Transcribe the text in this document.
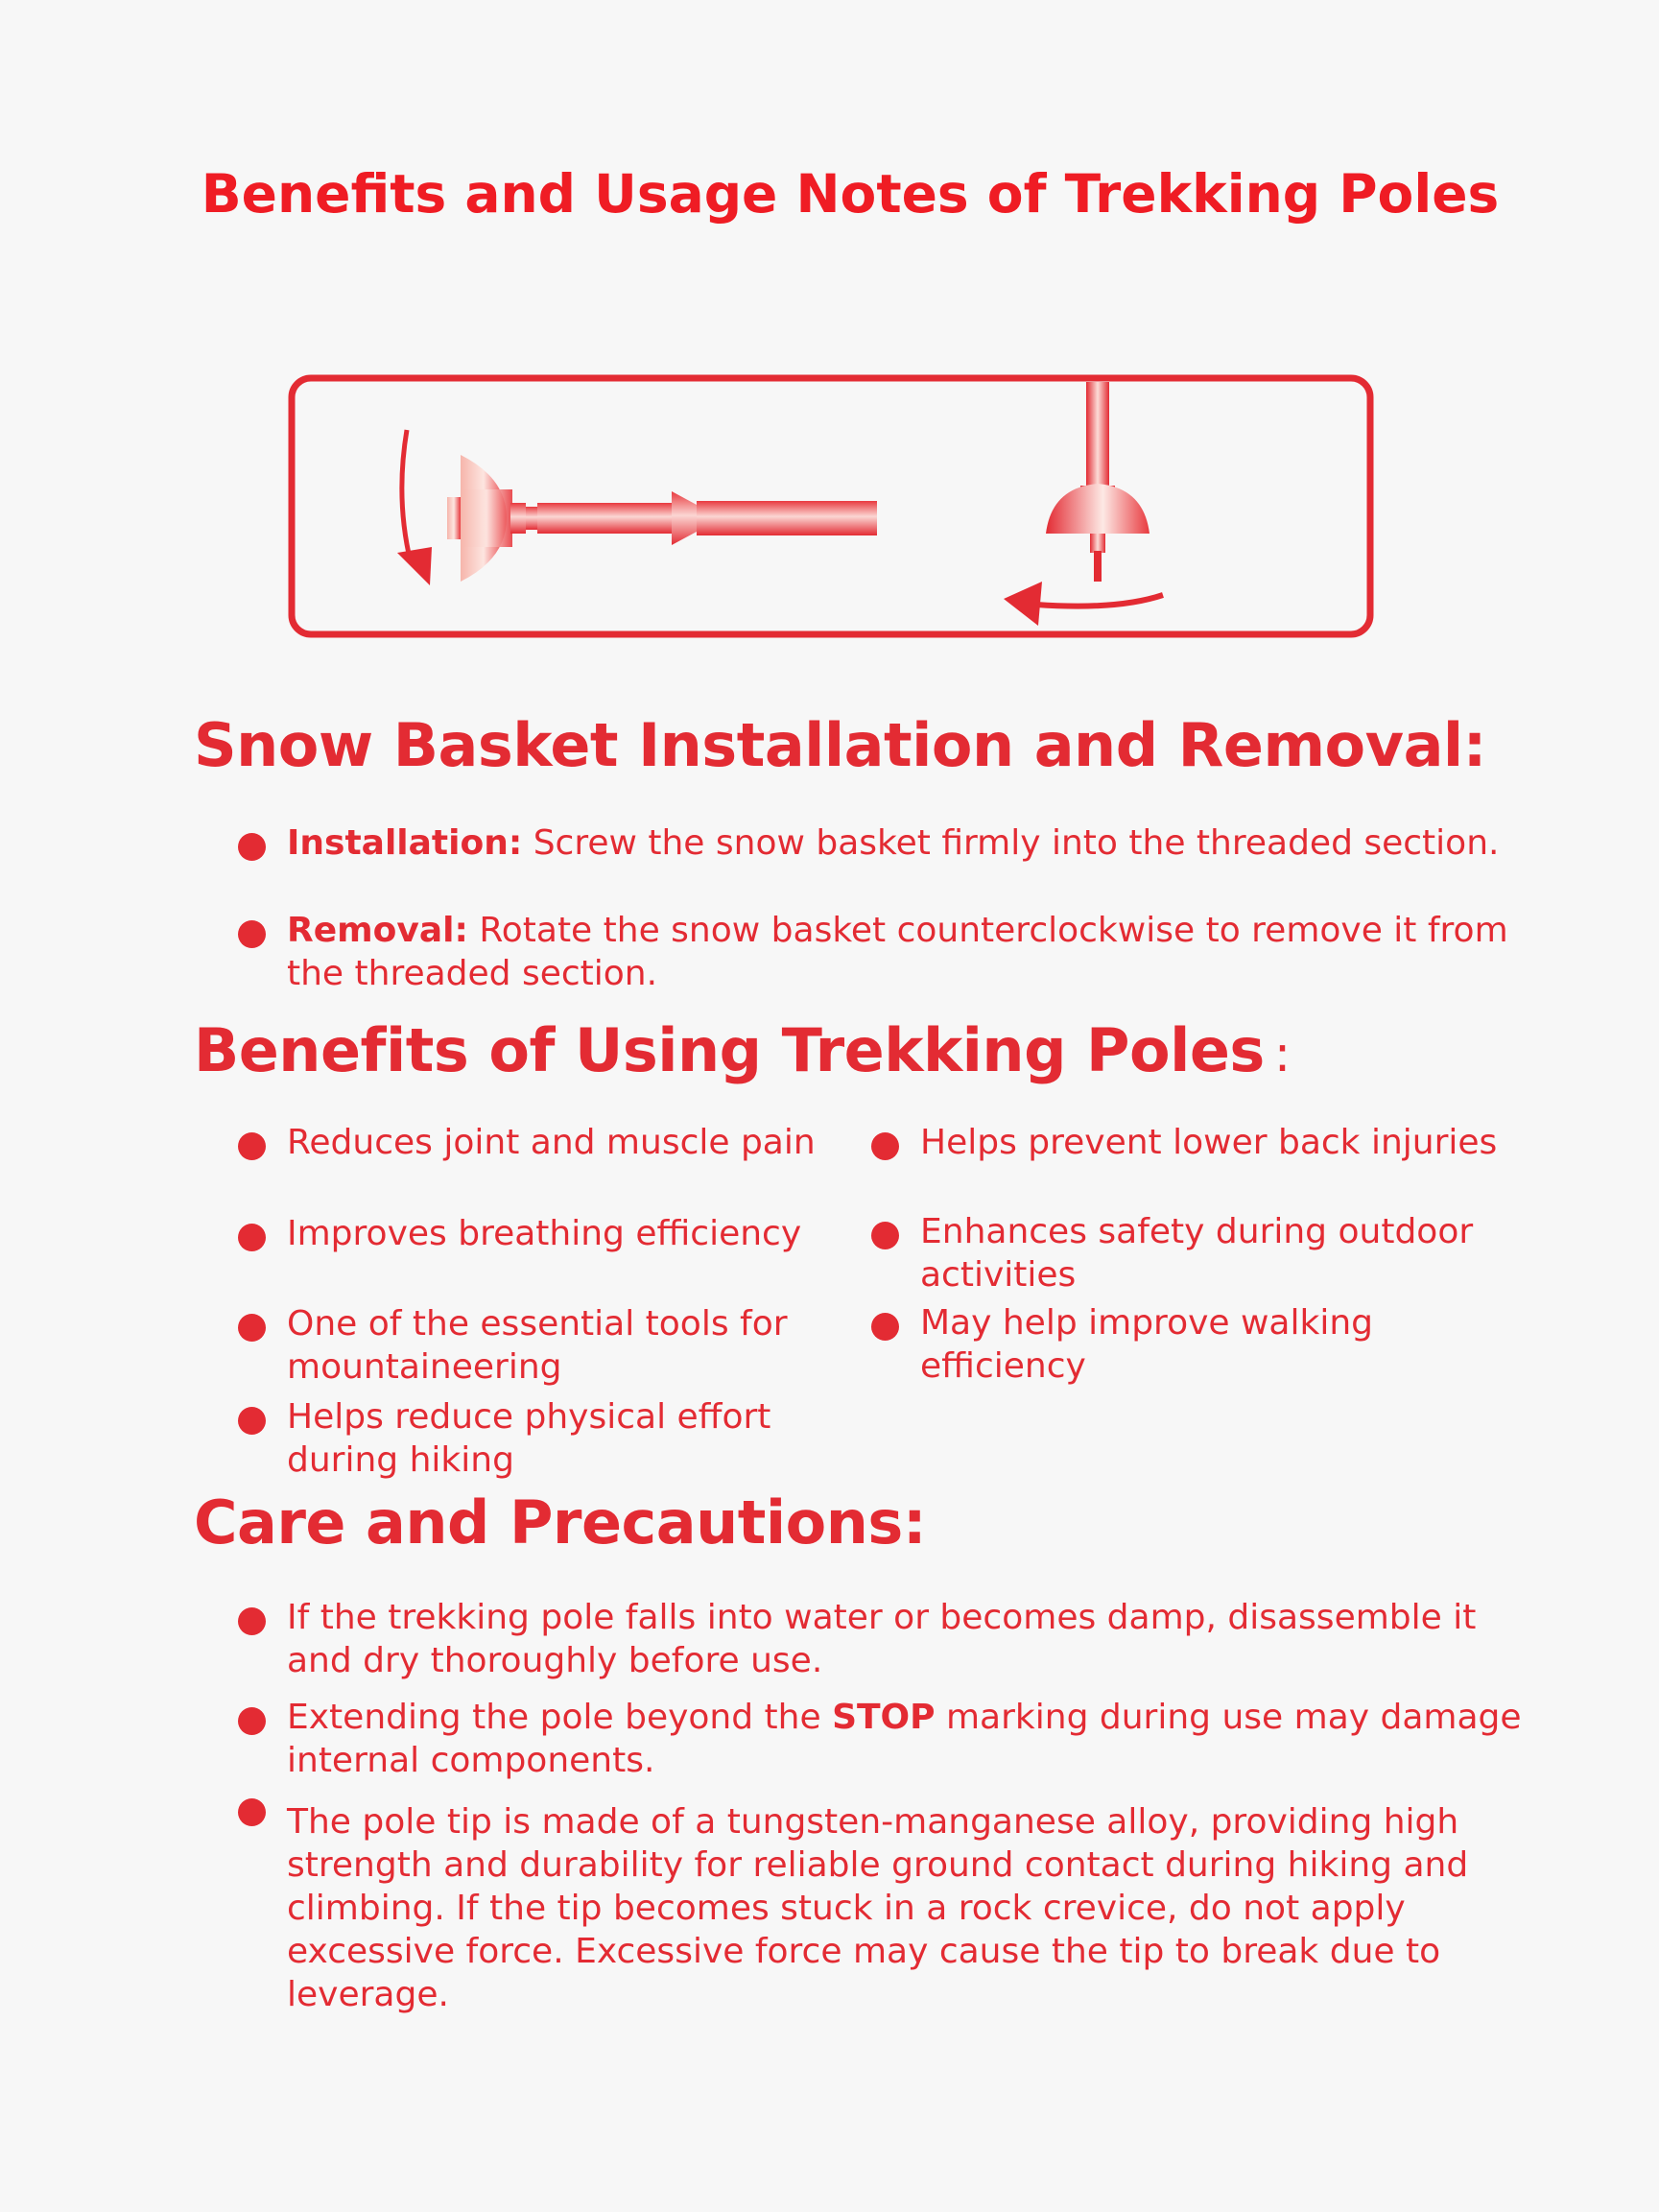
Benefits and Usage Notes of Trekking Poles
Snow Basket Installation and Removal:
Installation: Screw the snow basket firmly into the threaded section.
Removal: Rotate the snow basket counterclockwise to remove it from the threaded section.
Benefits of Using Trekking Poles :
Reduces joint and muscle pain
Improves breathing efficiency
One of the essential tools for mountaineering
Helps reduce physical effort during hiking
Helps prevent lower back injuries
Enhances safety during outdoor activities
May help improve walking efficiency
Care and Precautions:
If the trekking pole falls into water or becomes damp, disassemble it and dry thoroughly before use.
Extending the pole beyond the STOP marking during use may damage internal components.
The pole tip is made of a tungsten-manganese alloy, providing high strength and durability for reliable ground contact during hiking and climbing. If the tip becomes stuck in a rock crevice, do not apply excessive force. Excessive force may cause the tip to break due to leverage.
